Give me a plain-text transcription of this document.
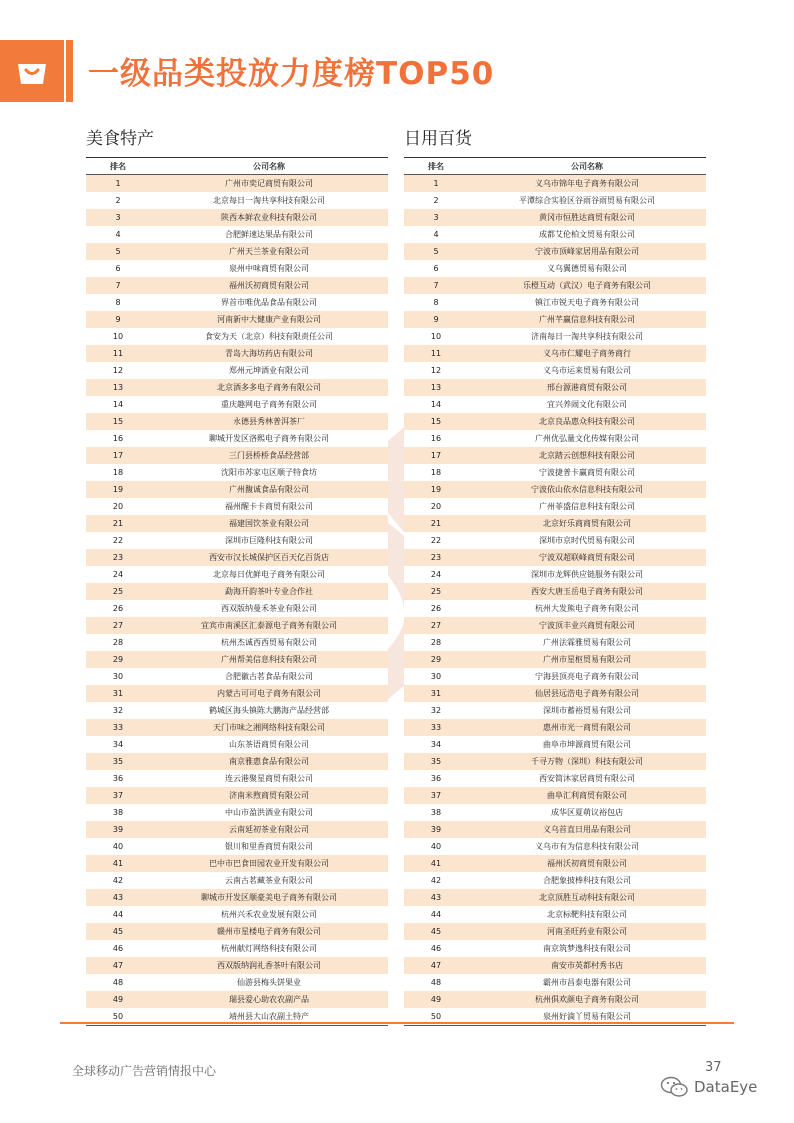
一级品类投放力度榜TOP50
美食特产
排名	公司名称
1	广州市奕记商贸有限公司
2	北京每日一淘共享科技有限公司
3	陕西本鲜农业科技有限公司
4	合肥鲜速达果品有限公司
5	广州天兰茶业有限公司
6	泉州中味商贸有限公司
7	福州沃初商贸有限公司
8	界首市唯优品食品有限公司
9	河南新中大健康产业有限公司
10	食安为天（北京）科技有限责任公司
11	青岛大海坊药店有限公司
12	郑州元坤酒业有限公司
13	北京酒多多电子商务有限公司
14	重庆趣网电子商务有限公司
15	永德县秀林普洱茶厂
16	聊城开发区洛熙电子商务有限公司
17	三门县桥桥食品经营部
18	沈阳市苏家屯区顺子特食坊
19	广州馥诚食品有限公司
20	福州醒卡卡商贸有限公司
21	福建国饮茶业有限公司
22	深圳市巨隆科技有限公司
23	西安市汉长城保护区百天亿百货店
24	北京每日优鲜电子商务有限公司
25	勐海开韵茶叶专业合作社
26	西双版纳曼禾茶业有限公司
27	宜宾市南溪区汇泰源电子商务有限公司
28	杭州杰诚西西贸易有限公司
29	广州帮美信息科技有限公司
30	合肥徽古茗食品有限公司
31	内蒙古可可电子商务有限公司
32	鹤城区海头镇陈大鹏海产品经营部
33	天门市味之湘网络科技有限公司
34	山东茶语商贸有限公司
35	南京雅惠食品有限公司
36	连云港聚星商贸有限公司
37	济南米煦商贸有限公司
38	中山市盈洪酒业有限公司
39	云南延初茶业有限公司
40	银川和里香商贸有限公司
41	巴中市巴食田园农业开发有限公司
42	云南古茗藏茶业有限公司
43	聊城市开发区顺豪美电子商务有限公司
44	杭州兴禾农业发展有限公司
45	赣州市星楼电子商务有限公司
46	杭州献灯网络科技有限公司
47	西双版纳润礼香茶叶有限公司
48	仙游县梅头饼果业
49	瑞县爱心助农农副产品
50	靖州县大山农副土特产
日用百货
排名	公司名称
1	义乌市锦年电子商务有限公司
2	平潭综合实验区谷雨谷雨贸易有限公司
3	黄冈市恒胜达商贸有限公司
4	成都艾伦柏文贸易有限公司
5	宁波市顶峰家居用品有限公司
6	义乌翼德贸易有限公司
7	乐橙互动（武汉）电子商务有限公司
8	镇江市锐天电子商务有限公司
9	广州芊赢信息科技有限公司
10	济南每日一淘共享科技有限公司
11	义乌市仁耀电子商务商行
12	义乌市运来贸易有限公司
13	邢台源港商贸有限公司
14	宜兴养闹文化有限公司
15	北京良品惠众科技有限公司
16	广州优弘量文化传媒有限公司
17	北京踏云创想科技有限公司
18	宁波捷普卡赢商贸有限公司
19	宁波依山依水信息科技有限公司
20	广州菲盛信息科技有限公司
21	北京好乐商商贸有限公司
22	深圳市京时代贸易有限公司
23	宁波双超联峰商贸有限公司
24	深圳市龙辉供应链服务有限公司
25	西安大唐玉岳电子商务有限公司
26	杭州大发熊电子商务有限公司
27	宁波顶丰业兴商贸有限公司
28	广州法霖雅贸易有限公司
29	广州市星枢贸易有限公司
30	宁海县顶亮电子商务有限公司
31	仙居县远浩电子商务有限公司
32	深圳市蓄裕贸易有限公司
33	惠州市光一商贸有限公司
34	曲阜市坤源商贸有限公司
35	千寻万物（深圳）科技有限公司
36	西安简沐家居商贸有限公司
37	曲阜汇利商贸有限公司
38	成华区夏萌议裕包店
39	义乌首直日用品有限公司
40	义乌市有为信息科技有限公司
41	福州沃初商贸有限公司
42	合肥象披棒科技有限公司
43	北京顶胜互动科技有限公司
44	北京标靶科技有限公司
45	河南圣旺药业有限公司
46	南京筑梦逸科技有限公司
47	南安市英都村秀书店
48	霸州市昌泰电器有限公司
49	杭州俱欢颜电子商务有限公司
50	泉州好滴丫贸易有限公司
全球移动广告营销情报中心	37
DataEye
